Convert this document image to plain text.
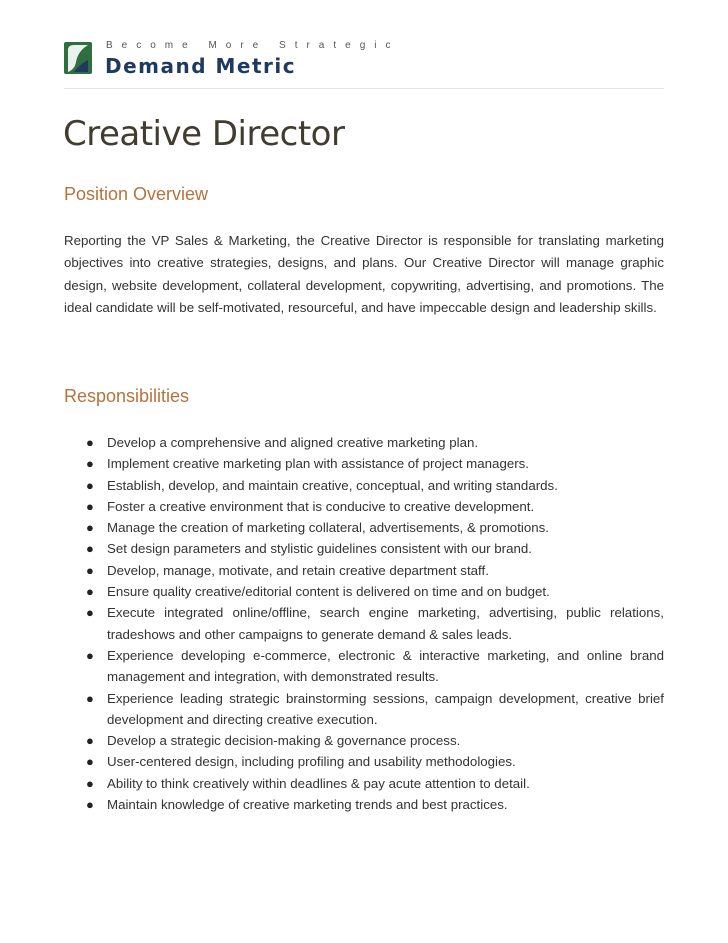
Become More Strategic
Demand Metric
Creative Director
Position Overview

Reporting the VP Sales & Marketing, the Creative Director is responsible for translating marketing objectives into creative strategies, designs, and plans. Our Creative Director will manage graphic design, website development, collateral development, copywriting, advertising, and promotions. The ideal candidate will be self-motivated, resourceful, and have impeccable design and leadership skills.

Responsibilities
● Develop a comprehensive and aligned creative marketing plan.
● Implement creative marketing plan with assistance of project managers.
● Establish, develop, and maintain creative, conceptual, and writing standards.
● Foster a creative environment that is conducive to creative development.
● Manage the creation of marketing collateral, advertisements, & promotions.
● Set design parameters and stylistic guidelines consistent with our brand.
● Develop, manage, motivate, and retain creative department staff.
● Ensure quality creative/editorial content is delivered on time and on budget.
● Execute integrated online/offline, search engine marketing, advertising, public relations, tradeshows and other campaigns to generate demand & sales leads.
● Experience developing e-commerce, electronic & interactive marketing, and online brand management and integration, with demonstrated results.
● Experience leading strategic brainstorming sessions, campaign development, creative brief development and directing creative execution.
● Develop a strategic decision-making & governance process.
● User-centered design, including profiling and usability methodologies.
● Ability to think creatively within deadlines & pay acute attention to detail.
● Maintain knowledge of creative marketing trends and best practices.
